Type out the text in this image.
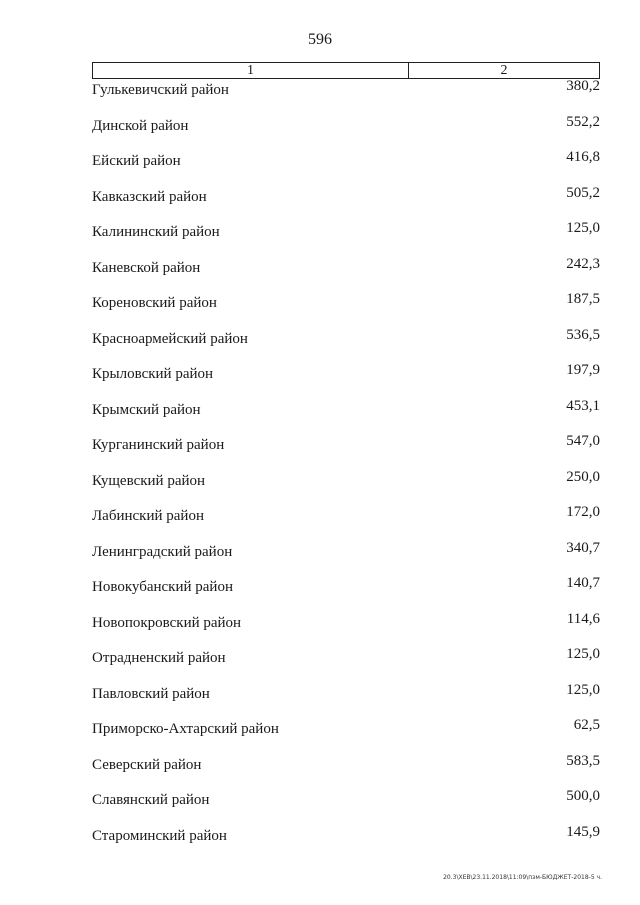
596
1	2
Гулькевичский район	380,2
Динской район	552,2
Ейский район	416,8
Кавказский район	505,2
Калининский район	125,0
Каневской район	242,3
Кореновский район	187,5
Красноармейский район	536,5
Крыловский район	197,9
Крымский район	453,1
Курганинский район	547,0
Кущевский район	250,0
Лабинский район	172,0
Ленинградский район	340,7
Новокубанский район	140,7
Новопокровский район	114,6
Отрадненский район	125,0
Павловский район	125,0
Приморско-Ахтарский район	62,5
Северский район	583,5
Славянский район	500,0
Староминский район	145,9
20.3\ХЕВ\23.11.2018\11:09\пзм-БЮДЖЕТ-2018-5 ч.
